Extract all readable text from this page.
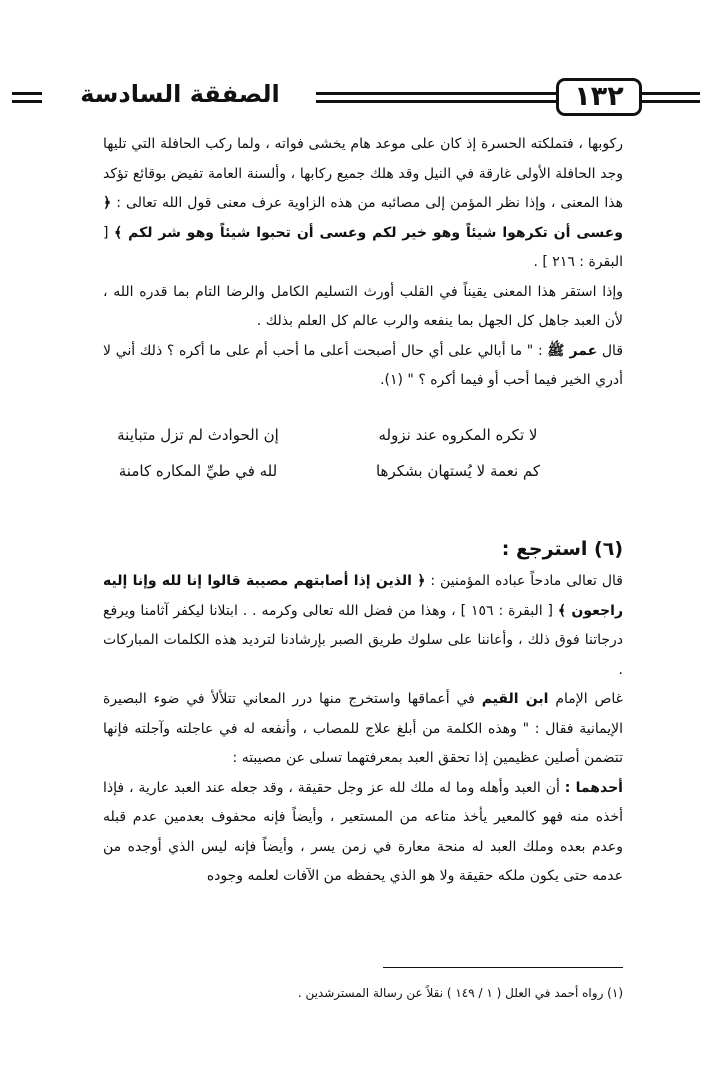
١٣٢
الصفقة السادسة

ركوبها ، فتملكته الحسرة إذ كان على موعد هام يخشى فواته ، ولما ركب الحافلة التي تليها وجد الحافلة الأولى غارقة في النيل وقد هلك جميع ركابها ، وألسنة العامة تفيض بوقائع تؤكد هذا المعنى ، وإذا نظر المؤمن إلى مصائبه من هذه الزاوية عرف معنى قول الله تعالى : ﴿ وعسى أن تكرهوا شيئاً وهو خير لكم وعسى أن تحبوا شيئاً وهو شر لكم ﴾ [ البقرة : ٢١٦ ] .

وإذا استقر هذا المعنى يقيناً في القلب أورث التسليم الكامل والرضا التام بما قدره الله ، لأن العبد جاهل كل الجهل بما ينفعه والرب عالم كل العلم بذلك .

قال عمر ﷺ : " ما أبالي على أي حال أصبحت أعلى ما أحب أم على ما أكره ؟ ذلك أني لا أدري الخير فيما أحب أو فيما أكره ؟ " (١).

لا تكره المكروه عند نزوله
إن الحوادث لم تزل متباينة
كم نعمة لا يُستهان بشكرها
لله في طيِّ المكاره كامنة
(٦) استرجع :

قال تعالى مادحاً عباده المؤمنين : ﴿ الذين إذا أصابتهم مصيبة قالوا إنا لله وإنا إليه راجعون ﴾ [ البقرة : ١٥٦ ] ، وهذا من فضل الله تعالى وكرمه . . ابتلانا ليكفر آثامنا ويرفع درجاتنا فوق ذلك ، وأعاننا على سلوك طريق الصبر بإرشادنا لترديد هذه الكلمات المباركات .

غاص الإمام ابن القيم في أعماقها واستخرج منها درر المعاني تتلألأ في ضوء البصيرة الإيمانية فقال : " وهذه الكلمة من أبلغ علاج للمصاب ، وأنفعه له في عاجلته وآجلته فإنها تتضمن أصلين عظيمين إذا تحقق العبد بمعرفتهما تسلى عن مصيبته :

أحدهما : أن العبد وأهله وما له ملك لله عز وجل حقيقة ، وقد جعله عند العبد عارية ، فإذا أخذه منه فهو كالمعير يأخذ متاعه من المستعير ، وأيضاً فإنه محفوف بعدمين عدم قبله وعدم بعده وملك العبد له منحة معارة في زمن يسر ، وأيضاً فإنه ليس الذي أوجده من عدمه حتى يكون ملكه حقيقة ولا هو الذي يحفظه من الآفات لعلمه وجوده

(١) رواه أحمد في العلل ( ١ / ١٤٩ ) نقلاً عن رسالة المسترشدين .
